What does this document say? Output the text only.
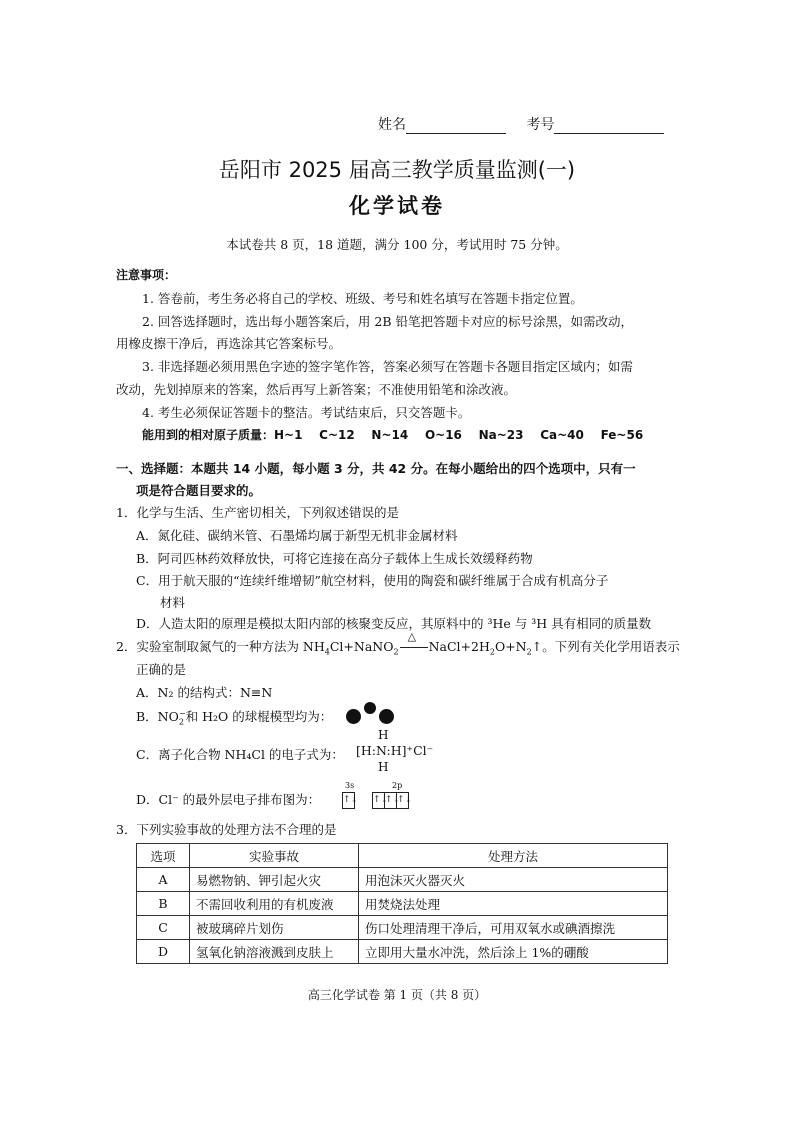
姓名	考号
岳阳市 2025 届高三教学质量监测(一)
化学试卷
本试卷共 8 页，18 道题，满分 100 分，考试用时 75 分钟。
注意事项：
1. 答卷前，考生务必将自己的学校、班级、考号和姓名填写在答题卡指定位置。
2. 回答选择题时，选出每小题答案后，用 2B 铅笔把答题卡对应的标号涂黑，如需改动，
用橡皮擦干净后，再选涂其它答案标号。
3. 非选择题必须用黑色字迹的签字笔作答，答案必须写在答题卡各题目指定区域内；如需
改动，先划掉原来的答案，然后再写上新答案；不准使用铅笔和涂改液。
4. 考生必须保证答题卡的整洁。考试结束后，只交答题卡。
能用到的相对原子质量：H~1    C~12    N~14    O~16    Na~23    Ca~40    Fe~56
一、选择题：本题共 14 小题，每小题 3 分，共 42 分。在每小题给出的四个选项中，只有一
项是符合题目要求的。
1．化学与生活、生产密切相关，下列叙述错误的是
A．氮化硅、碳纳米管、石墨烯均属于新型无机非金属材料
B．阿司匹林药效释放快，可将它连接在高分子载体上生成长效缓释药物
C．用于航天服的“连续纤维增韧”航空材料，使用的陶瓷和碳纤维属于合成有机高分子
材料
D．人造太阳的原理是模拟太阳内部的核聚变反应，其原料中的 ³He 与 ³H 具有相同的质量数
2．实验室制取氮气的一种方法为 $NH_4Cl+NaNO_2$
△
$NaCl+2H_2O+N_2↑$。下列有关化学用语表示
正确的是
A．N₂ 的结构式：N≡N
B．$NO_2^-$和 H₂O 的球棍模型均为：
C．离子化合物 NH₄Cl 的电子式为：
H
[H:N:H]⁺Cl⁻
H
D．Cl⁻ 的最外层电子排布图为：
3s	2p
↑↓ ↑↓↑↓↑↓
3．下列实验事故的处理方法不合理的是
选项	实验事故	处理方法
A	易燃物钠、钾引起火灾	用泡沫灭火器灭火
B	不需回收利用的有机废液	用焚烧法处理
C	被玻璃碎片划伤	伤口处理清理干净后，可用双氧水或碘酒擦洗
D	氢氧化钠溶液溅到皮肤上	立即用大量水冲洗，然后涂上 1%的硼酸
高三化学试卷 第 1 页（共 8 页）
